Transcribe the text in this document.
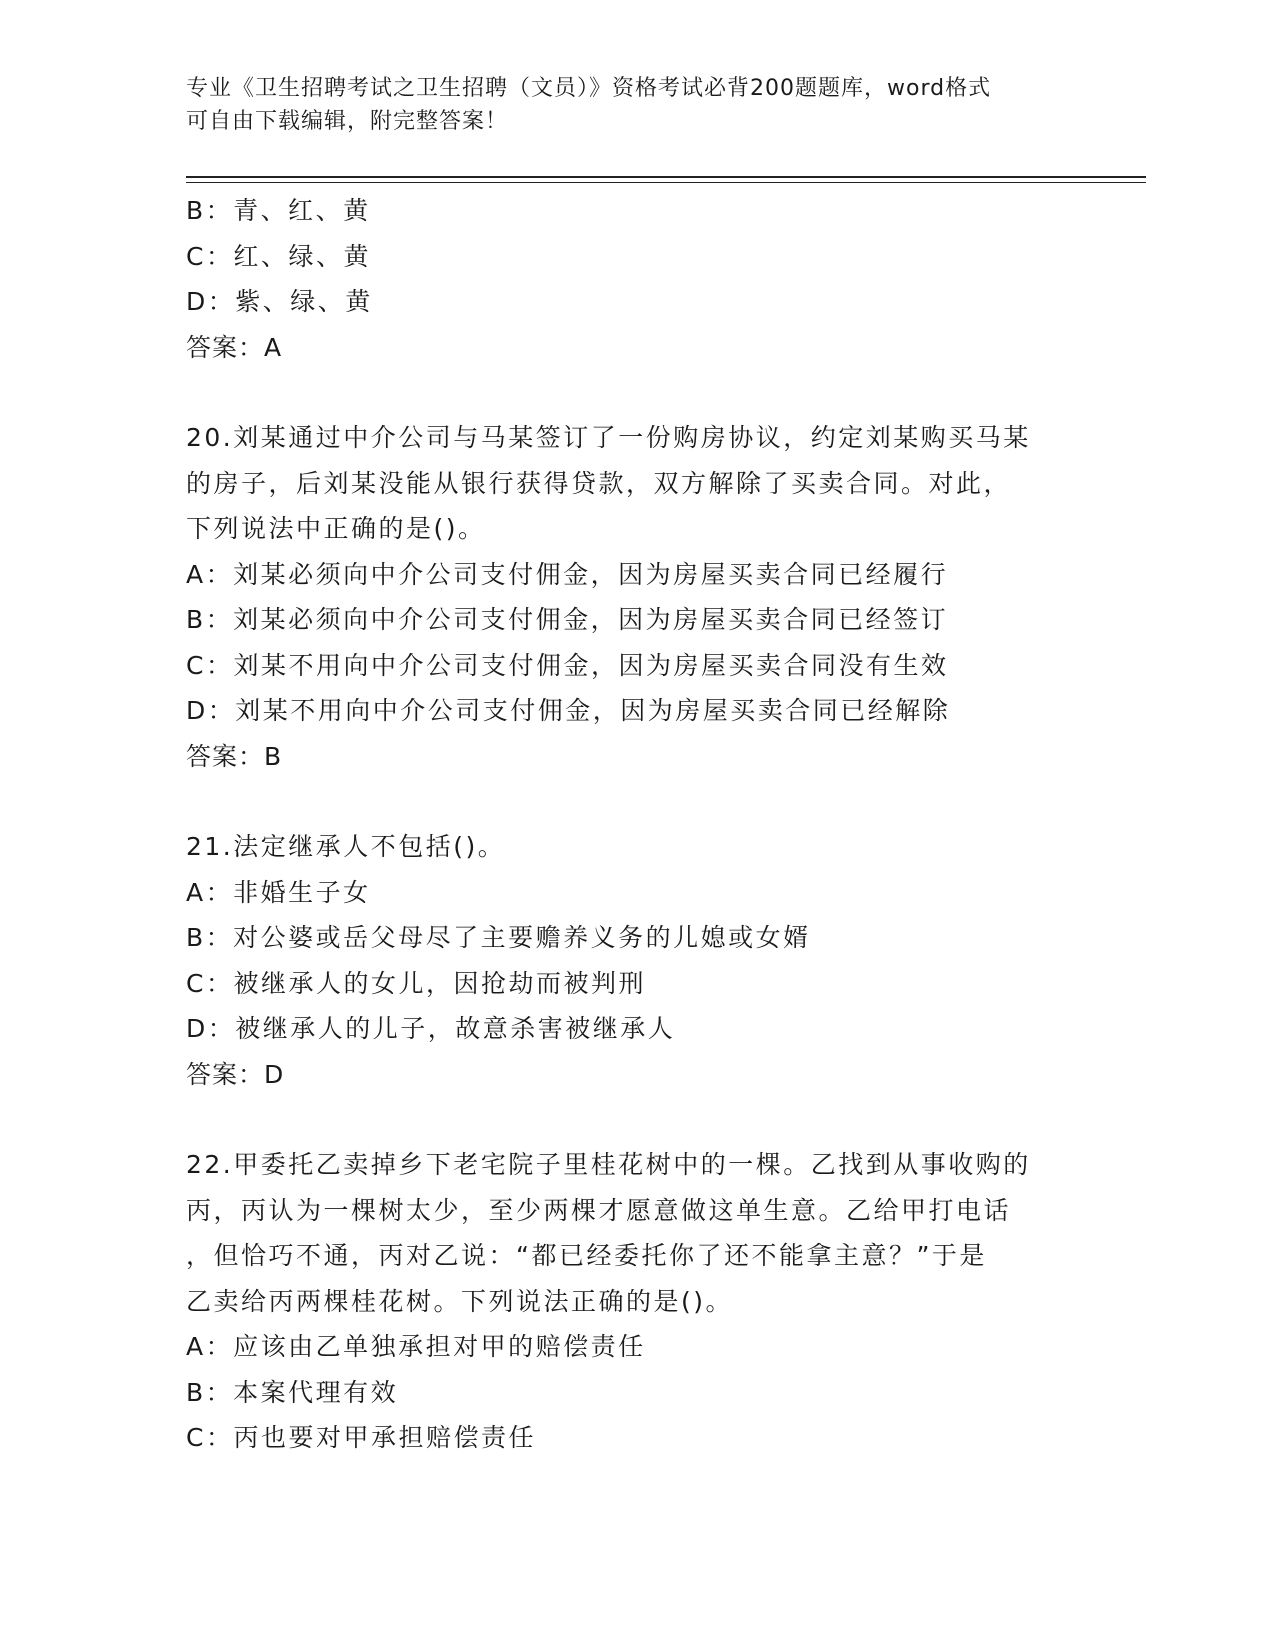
专业《卫生招聘考试之卫生招聘（文员）》资格考试必背200题题库，word格式
可自由下载编辑，附完整答案！
B：青、红、黄
C：红、绿、黄
D：紫、绿、黄
答案：A
20.刘某通过中介公司与马某签订了一份购房协议，约定刘某购买马某
的房子，后刘某没能从银行获得贷款，双方解除了买卖合同。对此，
下列说法中正确的是()。
A：刘某必须向中介公司支付佣金，因为房屋买卖合同已经履行
B：刘某必须向中介公司支付佣金，因为房屋买卖合同已经签订
C：刘某不用向中介公司支付佣金，因为房屋买卖合同没有生效
D：刘某不用向中介公司支付佣金，因为房屋买卖合同已经解除
答案：B
21.法定继承人不包括()。
A：非婚生子女
B：对公婆或岳父母尽了主要赡养义务的儿媳或女婿
C：被继承人的女儿，因抢劫而被判刑
D：被继承人的儿子，故意杀害被继承人
答案：D
22.甲委托乙卖掉乡下老宅院子里桂花树中的一棵。乙找到从事收购的
丙，丙认为一棵树太少，至少两棵才愿意做这单生意。乙给甲打电话
，但恰巧不通，丙对乙说：“都已经委托你了还不能拿主意？”于是
乙卖给丙两棵桂花树。下列说法正确的是()。
A：应该由乙单独承担对甲的赔偿责任
B：本案代理有效
C：丙也要对甲承担赔偿责任
